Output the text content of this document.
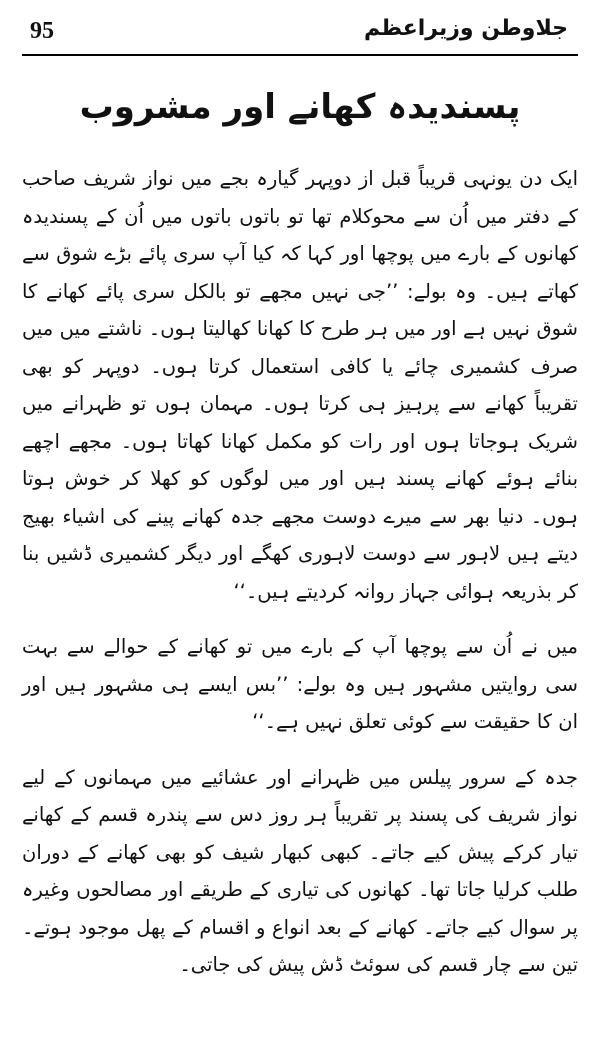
95	جلاوطن وزیراعظم
پسندیدہ کھانے اور مشروب

ایک دن یونہی قریباً قبل از دوپہر گیارہ بجے میں نواز شریف صاحب کے دفتر میں اُن سے محوکلام تھا تو باتوں باتوں میں اُن کے پسندیدہ کھانوں کے بارے میں پوچھا اور کہا کہ کیا آپ سری پائے بڑے شوق سے کھاتے ہیں۔ وہ بولے: ’’جی نہیں مجھے تو بالکل سری پائے کھانے کا شوق نہیں ہے اور میں ہر طرح کا کھانا کھالیتا ہوں۔ ناشتے میں میں صرف کشمیری چائے یا کافی استعمال کرتا ہوں۔ دوپہر کو بھی تقریباً کھانے سے پرہیز ہی کرتا ہوں۔ مہمان ہوں تو ظہرانے میں شریک ہوجاتا ہوں اور رات کو مکمل کھانا کھاتا ہوں۔ مجھے اچھے بنائے ہوئے کھانے پسند ہیں اور میں لوگوں کو کھلا کر خوش ہوتا ہوں۔ دنیا بھر سے میرے دوست مجھے جدہ کھانے پینے کی اشیاء بھیج دیتے ہیں لاہور سے دوست لاہوری کھگے اور دیگر کشمیری ڈشیں بنا کر بذریعہ ہوائی جہاز روانہ کردیتے ہیں۔‘‘

میں نے اُن سے پوچھا آپ کے بارے میں تو کھانے کے حوالے سے بہت سی روایتیں مشہور ہیں وہ بولے: ’’بس ایسے ہی مشہور ہیں اور ان کا حقیقت سے کوئی تعلق نہیں ہے۔‘‘

جدہ کے سرور پیلس میں ظہرانے اور عشائیے میں مہمانوں کے لیے نواز شریف کی پسند پر تقریباً ہر روز دس سے پندرہ قسم کے کھانے تیار کرکے پیش کیے جاتے۔ کبھی کبھار شیف کو بھی کھانے کے دوران طلب کرلیا جاتا تھا۔ کھانوں کی تیاری کے طریقے اور مصالحوں وغیرہ پر سوال کیے جاتے۔ کھانے کے بعد انواع و اقسام کے پھل موجود ہوتے۔ تین سے چار قسم کی سوئٹ ڈش پیش کی جاتی۔
